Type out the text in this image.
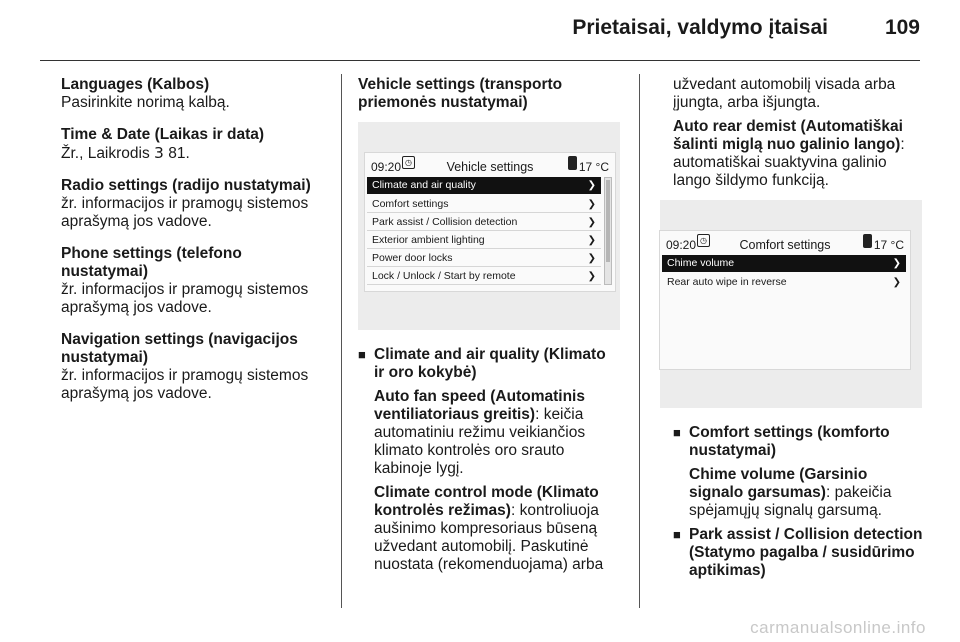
Prietaisai, valdymo įtaisai	109

Languages (Kalbos)

Pasirinkite norimą kalbą.

Time & Date (Laikas ir data)

Žr., Laikrodis 3 81.

Radio settings (radijo nustatymai)

žr. informacijos ir pramogų sistemos aprašymą jos vadove.

Phone settings (telefono nustatymai)

žr. informacijos ir pramogų sistemos aprašymą jos vadove.

Navigation settings (navigacijos nustatymai)

žr. informacijos ir pramogų sistemos aprašymą jos vadove.

Vehicle settings (transporto priemonės nustatymai)

09:20 ◷	Vehicle settings	17 °C
Climate and air quality	❯
Comfort settings	❯
Park assist / Collision detection	❯
Exterior ambient lighting	❯
Power door locks	❯
Lock / Unlock / Start by remote	❯
■ Climate and air quality (Klimato ir oro kokybė)

Auto fan speed (Automatinis ventiliatoriaus greitis): keičia automatiniu režimu veikiančios klimato kontrolės oro srauto kabinoje lygį.

Climate control mode (Klimato kontrolės režimas): kontroliuoja aušinimo kompresoriaus būseną užvedant automobilį. Paskutinė nuostata (rekomenduojama) arba

užvedant automobilį visada arba įjungta, arba išjungta.

Auto rear demist (Automatiškai šalinti miglą nuo galinio lango): automatiškai suaktyvina galinio lango šildymo funkciją.

09:20 ◷	Comfort settings	17 °C
Chime volume	❯
Rear auto wipe in reverse	❯
■ Comfort settings (komforto nustatymai)

Chime volume (Garsinio signalo garsumas): pakeičia spėjamųjų signalų garsumą.

■ Park assist / Collision detection (Statymo pagalba / susidūrimo aptikimas)

carmanualsonline.info
